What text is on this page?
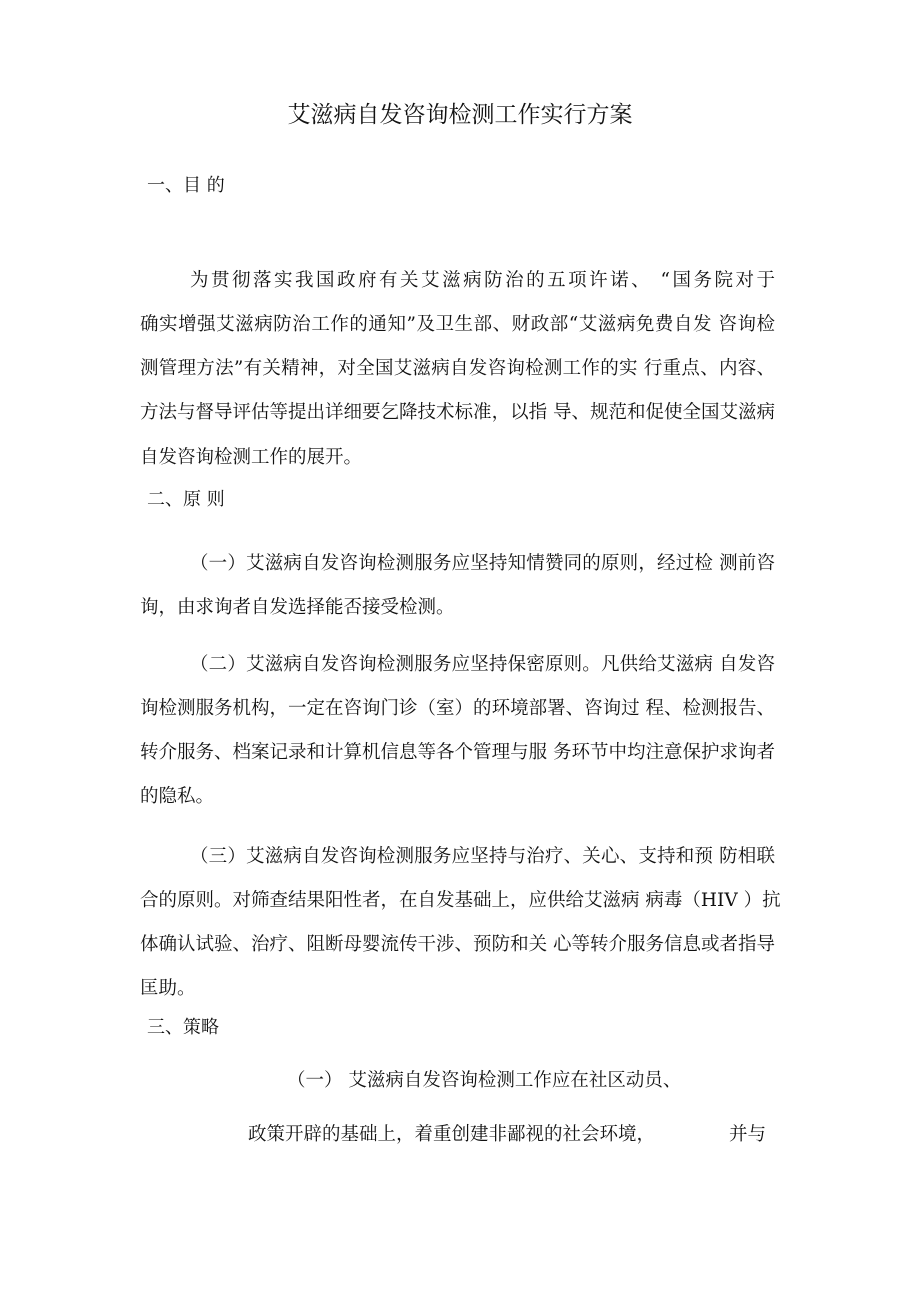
艾滋病自发咨询检测工作实行方案
一、目 的
为贯彻落实我国政府有关艾滋病防治的五项许诺、 “国务院对于
确实增强艾滋病防治工作的通知”及卫生部、财政部“艾滋病免费自发 咨询检
测管理方法”有关精神，对全国艾滋病自发咨询检测工作的实 行重点、内容、
方法与督导评估等提出详细要乞降技术标准，以指 导、规范和促使全国艾滋病
自发咨询检测工作的展开。
二、原 则
（一）艾滋病自发咨询检测服务应坚持知情赞同的原则，经过检 测前咨
询，由求询者自发选择能否接受检测。
（二）艾滋病自发咨询检测服务应坚持保密原则。凡供给艾滋病 自发咨
询检测服务机构，一定在咨询门诊（室）的环境部署、咨询过 程、检测报告、
转介服务、档案记录和计算机信息等各个管理与服 务环节中均注意保护求询者
的隐私。
（三）艾滋病自发咨询检测服务应坚持与治疗、关心、支持和预 防相联
合的原则。对筛查结果阳性者，在自发基础上，应供给艾滋病 病毒（HIV ）抗
体确认试验、治疗、阻断母婴流传干涉、预防和关 心等转介服务信息或者指导
匡助。
三、策略
（一） 艾滋病自发咨询检测工作应在社区动员、
政策开辟的基础上，着重创建非鄙视的社会环境，	并与
